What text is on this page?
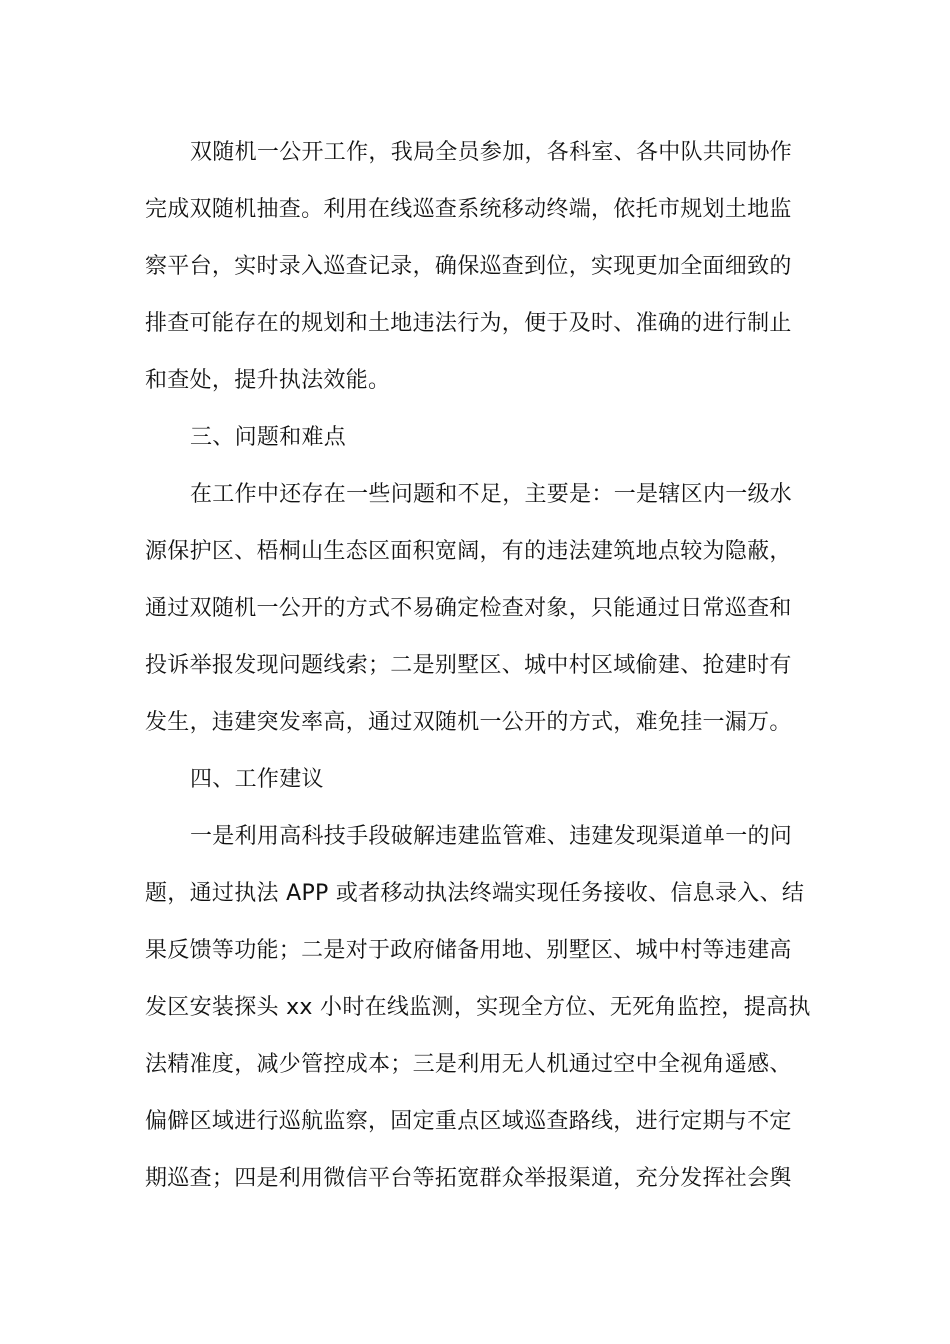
双随机一公开工作，我局全员参加，各科室、各中队共同协作
完成双随机抽查。利用在线巡查系统移动终端，依托市规划土地监
察平台，实时录入巡查记录，确保巡查到位，实现更加全面细致的
排查可能存在的规划和土地违法行为，便于及时、准确的进行制止
和查处，提升执法效能。
三、问题和难点
在工作中还存在一些问题和不足，主要是：一是辖区内一级水
源保护区、梧桐山生态区面积宽阔，有的违法建筑地点较为隐蔽，
通过双随机一公开的方式不易确定检查对象，只能通过日常巡查和
投诉举报发现问题线索；二是别墅区、城中村区域偷建、抢建时有
发生，违建突发率高，通过双随机一公开的方式，难免挂一漏万。
四、工作建议
一是利用高科技手段破解违建监管难、违建发现渠道单一的问
题，通过执法 APP 或者移动执法终端实现任务接收、信息录入、结
果反馈等功能；二是对于政府储备用地、别墅区、城中村等违建高
发区安装探头 xx 小时在线监测，实现全方位、无死角监控，提高执
法精准度，减少管控成本；三是利用无人机通过空中全视角遥感、
偏僻区域进行巡航监察，固定重点区域巡查路线，进行定期与不定
期巡查；四是利用微信平台等拓宽群众举报渠道，充分发挥社会舆
